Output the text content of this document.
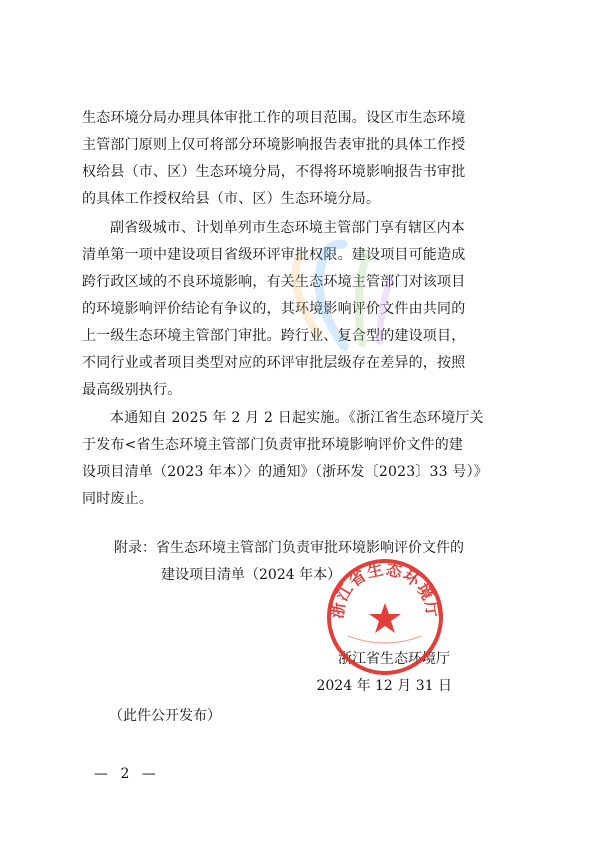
生态环境分局办理具体审批工作的项目范围。设区市生态环境
主管部门原则上仅可将部分环境影响报告表审批的具体工作授
权给县（市、区）生态环境分局，不得将环境影响报告书审批
的具体工作授权给县（市、区）生态环境分局。
副省级城市、计划单列市生态环境主管部门享有辖区内本
清单第一项中建设项目省级环评审批权限。建设项目可能造成
跨行政区域的不良环境影响，有关生态环境主管部门对该项目
的环境影响评价结论有争议的，其环境影响评价文件由共同的
上一级生态环境主管部门审批。跨行业、复合型的建设项目，
不同行业或者项目类型对应的环评审批层级存在差异的，按照
最高级别执行。
本通知自 2025 年 2 月 2 日起实施。《浙江省生态环境厅关
于发布<省生态环境主管部门负责审批环境影响评价文件的建
设项目清单（2023 年本）〉的通知》（浙环发〔2023〕33 号）》
同时废止。
附录：省生态环境主管部门负责审批环境影响评价文件的
建设项目清单（2024 年本）
浙江省生态环境厅
2024 年 12 月 31 日
（此件公开发布）
— 2 —
浙江省生态环境厅
